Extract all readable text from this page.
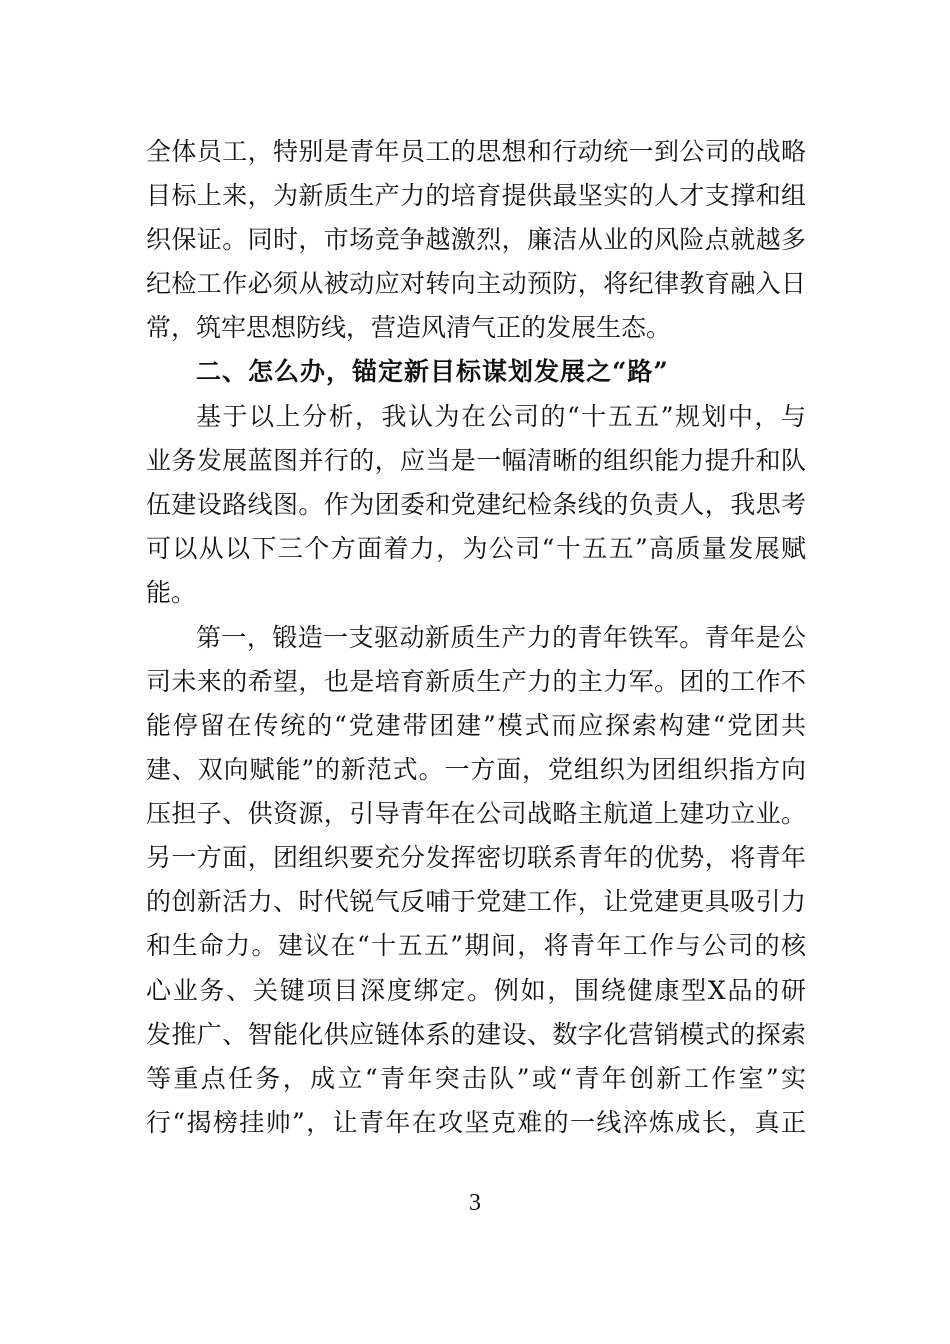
全体员工，特别是青年员工的思想和行动统一到公司的战略
目标上来，为新质生产力的培育提供最坚实的人才支撑和组
织保证。同时，市场竞争越激烈，廉洁从业的风险点就越多
纪检工作必须从被动应对转向主动预防，将纪律教育融入日
常，筑牢思想防线，营造风清气正的发展生态。
二、怎么办，锚定新目标谋划发展之“路”
基于以上分析，我认为在公司的“十五五”规划中，与
业务发展蓝图并行的，应当是一幅清晰的组织能力提升和队
伍建设路线图。作为团委和党建纪检条线的负责人，我思考
可以从以下三个方面着力，为公司“十五五”高质量发展赋
能。
第一，锻造一支驱动新质生产力的青年铁军。青年是公
司未来的希望，也是培育新质生产力的主力军。团的工作不
能停留在传统的“党建带团建”模式而应探索构建“党团共
建、双向赋能”的新范式。一方面，党组织为团组织指方向
压担子、供资源，引导青年在公司战略主航道上建功立业。
另一方面，团组织要充分发挥密切联系青年的优势，将青年
的创新活力、时代锐气反哺于党建工作，让党建更具吸引力
和生命力。建议在“十五五”期间，将青年工作与公司的核
心业务、关键项目深度绑定。例如，围绕健康型X品的研
发推广、智能化供应链体系的建设、数字化营销模式的探索
等重点任务，成立“青年突击队”或“青年创新工作室”实
行“揭榜挂帅”，让青年在攻坚克难的一线淬炼成长，真正
3
